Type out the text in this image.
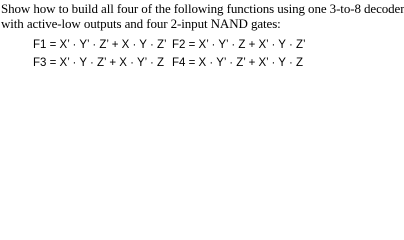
Show how to build all four of the following functions using one 3-to-8 decoder
with active-low outputs and four 2-input NAND gates:
F1 = X’ · Y’ · Z’ + X · Y · Z’ F2 = X’ · Y’ · Z + X’ · Y · Z’
F3 = X’ · Y · Z’ + X · Y’ · Z F4 = X · Y’ · Z’ + X’ · Y · Z
